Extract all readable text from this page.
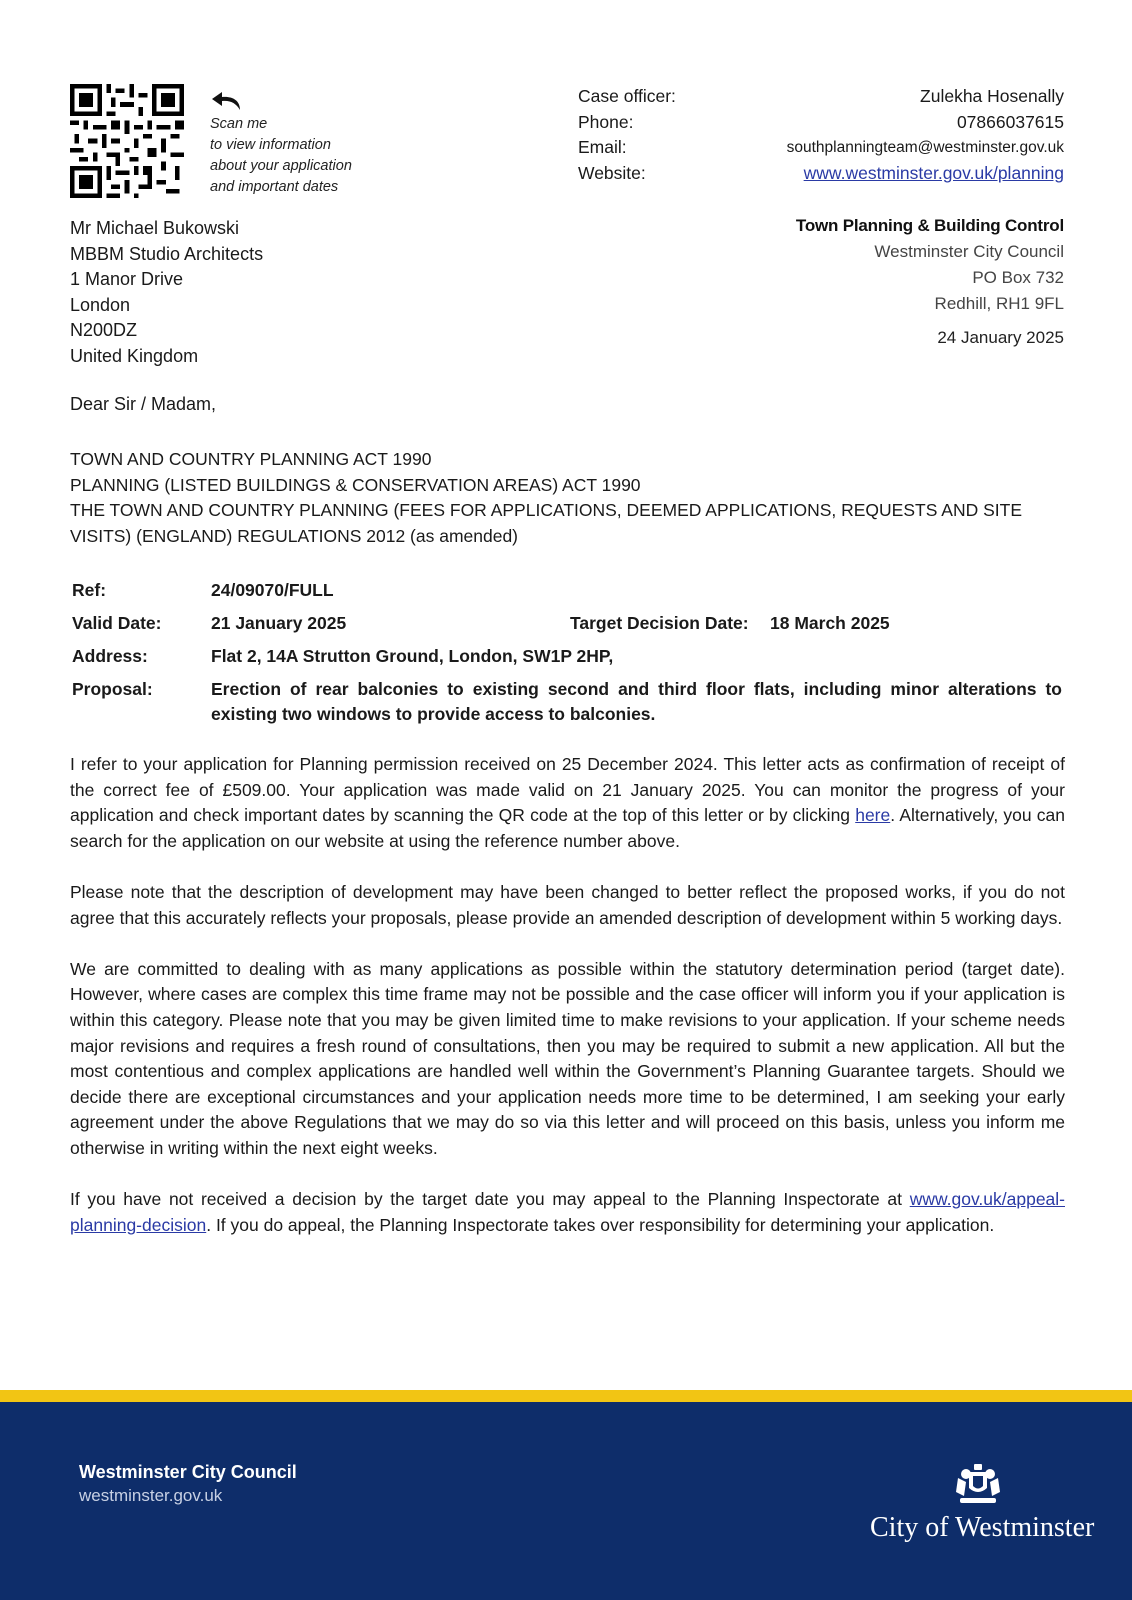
Scan me
to view information
about your application
and important dates
Case officer:	Zulekha Hosenally
Phone:	07866037615
Email:	southplanningteam@westminster.gov.uk
Website:	www.westminster.gov.uk/planning
Town Planning & Building Control
Westminster City Council
PO Box 732
Redhill, RH1 9FL
24 January 2025
Mr Michael Bukowski
MBBM Studio Architects
1 Manor Drive
London
N200DZ
United Kingdom
Dear Sir / Madam,
TOWN AND COUNTRY PLANNING ACT 1990
PLANNING (LISTED BUILDINGS & CONSERVATION AREAS) ACT 1990
THE TOWN AND COUNTRY PLANNING (FEES FOR APPLICATIONS, DEEMED APPLICATIONS, REQUESTS AND SITE VISITS) (ENGLAND) REGULATIONS 2012 (as amended)
Ref:	24/09070/FULL
Valid Date:	21 January 2025	Target Decision Date:	18 March 2025
Address:	Flat 2, 14A Strutton Ground, London, SW1P 2HP,
Proposal:	Erection of rear balconies to existing second and third floor flats, including minor alterations to existing two windows to provide access to balconies.

I refer to your application for Planning permission received on 25 December 2024. This letter acts as confirmation of receipt of the correct fee of £509.00. Your application was made valid on 21 January 2025. You can monitor the progress of your application and check important dates by scanning the QR code at the top of this letter or by clicking here. Alternatively, you can search for the application on our website at using the reference number above.

Please note that the description of development may have been changed to better reflect the proposed works, if you do not agree that this accurately reflects your proposals, please provide an amended description of development within 5 working days.

We are committed to dealing with as many applications as possible within the statutory determination period (target date). However, where cases are complex this time frame may not be possible and the case officer will inform you if your application is within this category. Please note that you may be given limited time to make revisions to your application. If your scheme needs major revisions and requires a fresh round of consultations, then you may be required to submit a new application. All but the most contentious and complex applications are handled well within the Government’s Planning Guarantee targets. Should we decide there are exceptional circumstances and your application needs more time to be determined, I am seeking your early agreement under the above Regulations that we may do so via this letter and will proceed on this basis, unless you inform me otherwise in writing within the next eight weeks.

If you have not received a decision by the target date you may appeal to the Planning Inspectorate at www.gov.uk/appeal-planning-decision. If you do appeal, the Planning Inspectorate takes over responsibility for determining your application.

Westminster City Council
westminster.gov.uk
City of Westminster
